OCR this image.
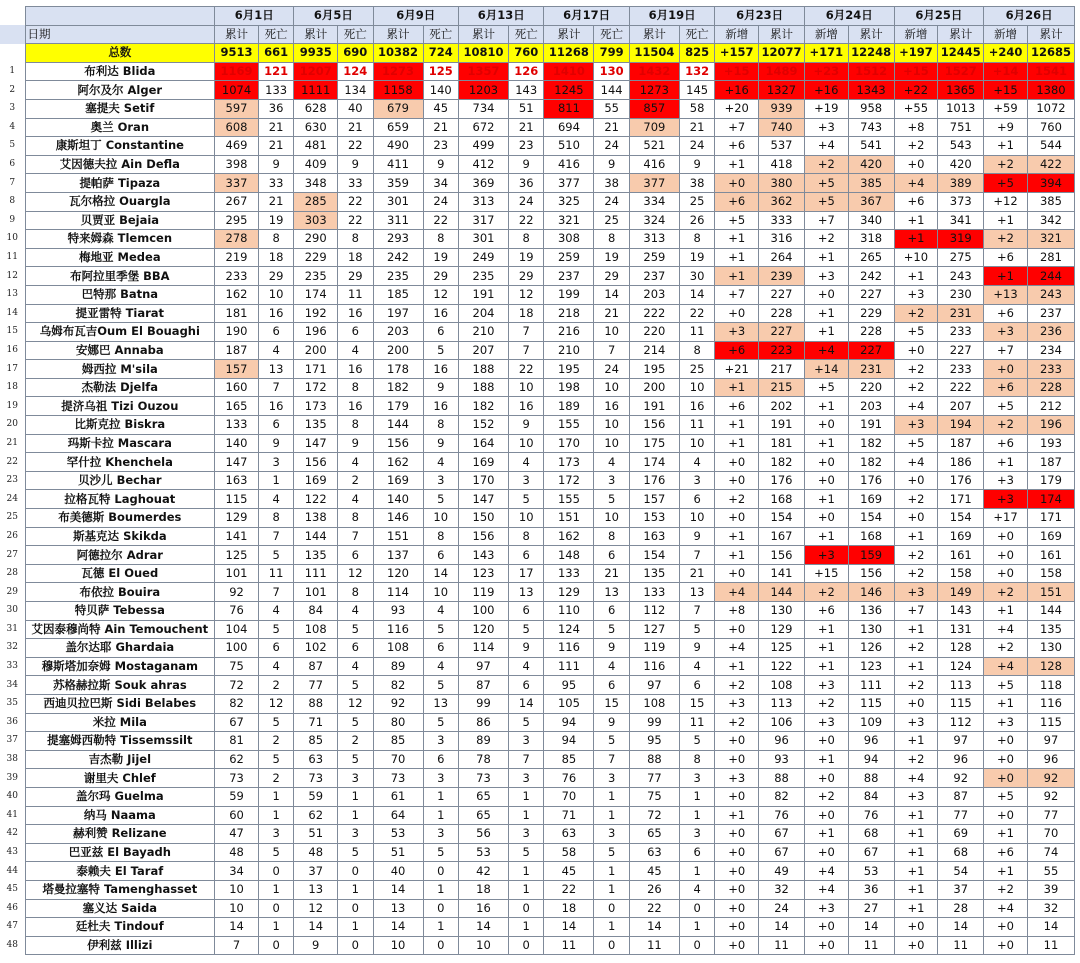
		6月1日		6月5日		6月9日		6月13日		6月17日		6月19日		6月23日		6月24日		6月25日		6月26日	
	日期	累计	死亡	累计	死亡	累计	死亡	累计	死亡	累计	死亡	累计	死亡	新增	累计	新增	累计	新增	累计	新增	累计
	总数	9513	661	9935	690	10382	724	10810	760	11268	799	11504	825	+157	12077	+171	12248	+197	12445	+240	12685
1	布利达 Blida	1169	121	1207	124	1273	125	1357	126	1410	130	1432	132	+15	1489	+23	1512	+15	1527	+14	1541
2	阿尔及尔 Alger	1074	133	1111	134	1158	140	1203	143	1245	144	1273	145	+16	1327	+16	1343	+22	1365	+15	1380
3	塞提夫 Setif	597	36	628	40	679	45	734	51	811	55	857	58	+20	939	+19	958	+55	1013	+59	1072
4	奥兰 Oran	608	21	630	21	659	21	672	21	694	21	709	21	+7	740	+3	743	+8	751	+9	760
5	康斯坦丁 Constantine	469	21	481	22	490	23	499	23	510	24	521	24	+6	537	+4	541	+2	543	+1	544
6	艾因德夫拉 Ain Defla	398	9	409	9	411	9	412	9	416	9	416	9	+1	418	+2	420	+0	420	+2	422
7	提帕萨 Tipaza	337	33	348	33	359	34	369	36	377	38	377	38	+0	380	+5	385	+4	389	+5	394
8	瓦尔格拉 Ouargla	267	21	285	22	301	24	313	24	325	24	334	25	+6	362	+5	367	+6	373	+12	385
9	贝贾亚 Bejaia	295	19	303	22	311	22	317	22	321	25	324	26	+5	333	+7	340	+1	341	+1	342
10	特来姆森 Tlemcen	278	8	290	8	293	8	301	8	308	8	313	8	+1	316	+2	318	+1	319	+2	321
11	梅地亚 Medea	219	18	229	18	242	19	249	19	259	19	259	19	+1	264	+1	265	+10	275	+6	281
12	布阿拉里季堡 BBA	233	29	235	29	235	29	235	29	237	29	237	30	+1	239	+3	242	+1	243	+1	244
13	巴特那 Batna	162	10	174	11	185	12	191	12	199	14	203	14	+7	227	+0	227	+3	230	+13	243
14	提亚雷特 Tiarat	181	16	192	16	197	16	204	18	218	21	222	22	+0	228	+1	229	+2	231	+6	237
15	乌姆布瓦吉Oum El Bouaghi	190	6	196	6	203	6	210	7	216	10	220	11	+3	227	+1	228	+5	233	+3	236
16	安娜巴 Annaba	187	4	200	4	200	5	207	7	210	7	214	8	+6	223	+4	227	+0	227	+7	234
17	姆西拉 M'sila	157	13	171	16	178	16	188	22	195	24	195	25	+21	217	+14	231	+2	233	+0	233
18	杰勒法 Djelfa	160	7	172	8	182	9	188	10	198	10	200	10	+1	215	+5	220	+2	222	+6	228
19	提济乌祖 Tizi Ouzou	165	16	173	16	179	16	182	16	189	16	191	16	+6	202	+1	203	+4	207	+5	212
20	比斯克拉 Biskra	133	6	135	8	144	8	152	9	155	10	156	11	+1	191	+0	191	+3	194	+2	196
21	玛斯卡拉 Mascara	140	9	147	9	156	9	164	10	170	10	175	10	+1	181	+1	182	+5	187	+6	193
22	罕什拉 Khenchela	147	3	156	4	162	4	169	4	173	4	174	4	+0	182	+0	182	+4	186	+1	187
23	贝沙儿 Bechar	163	1	169	2	169	3	170	3	172	3	176	3	+0	176	+0	176	+0	176	+3	179
24	拉格瓦特 Laghouat	115	4	122	4	140	5	147	5	155	5	157	6	+2	168	+1	169	+2	171	+3	174
25	布美德斯 Boumerdes	129	8	138	8	146	10	150	10	151	10	153	10	+0	154	+0	154	+0	154	+17	171
26	斯基克达 Skikda	141	7	144	7	151	8	156	8	162	8	163	9	+1	167	+1	168	+1	169	+0	169
27	阿德拉尔 Adrar	125	5	135	6	137	6	143	6	148	6	154	7	+1	156	+3	159	+2	161	+0	161
28	瓦德 El Oued	101	11	111	12	120	14	123	17	133	21	135	21	+0	141	+15	156	+2	158	+0	158
29	布依拉 Bouira	92	7	101	8	114	10	119	13	129	13	133	13	+4	144	+2	146	+3	149	+2	151
30	特贝萨 Tebessa	76	4	84	4	93	4	100	6	110	6	112	7	+8	130	+6	136	+7	143	+1	144
31	艾因泰穆尚特 Ain Temouchent	104	5	108	5	116	5	120	5	124	5	127	5	+0	129	+1	130	+1	131	+4	135
32	盖尔达耶 Ghardaia	100	6	102	6	108	6	114	9	116	9	119	9	+4	125	+1	126	+2	128	+2	130
33	穆斯塔加奈姆 Mostaganam	75	4	87	4	89	4	97	4	111	4	116	4	+1	122	+1	123	+1	124	+4	128
34	苏格赫拉斯 Souk ahras	72	2	77	5	82	5	87	6	95	6	97	6	+2	108	+3	111	+2	113	+5	118
35	西迪贝拉巴斯 Sidi Belabes	82	12	88	12	92	13	99	14	105	15	108	15	+3	113	+2	115	+0	115	+1	116
36	米拉 Mila	67	5	71	5	80	5	86	5	94	9	99	11	+2	106	+3	109	+3	112	+3	115
37	提塞姆西勒特 Tissemssilt	81	2	85	2	85	3	89	3	94	5	95	5	+0	96	+0	96	+1	97	+0	97
38	吉杰勒 Jijel	62	5	63	5	70	6	78	7	85	7	88	8	+0	93	+1	94	+2	96	+0	96
39	谢里夫 Chlef	73	2	73	3	73	3	73	3	76	3	77	3	+3	88	+0	88	+4	92	+0	92
40	盖尔玛 Guelma	59	1	59	1	61	1	65	1	70	1	75	1	+0	82	+2	84	+3	87	+5	92
41	纳马 Naama	60	1	62	1	64	1	65	1	71	1	72	1	+1	76	+0	76	+1	77	+0	77
42	赫利赞 Relizane	47	3	51	3	53	3	56	3	63	3	65	3	+0	67	+1	68	+1	69	+1	70
43	巴亚兹 El Bayadh	48	5	48	5	51	5	53	5	58	5	63	6	+0	67	+0	67	+1	68	+6	74
44	泰赖夫 El Taraf	34	0	37	0	40	0	42	1	45	1	45	1	+0	49	+4	53	+1	54	+1	55
45	塔曼拉塞特 Tamenghasset	10	1	13	1	14	1	18	1	22	1	26	4	+0	32	+4	36	+1	37	+2	39
46	塞义达 Saida	10	0	12	0	13	0	16	0	18	0	22	0	+0	24	+3	27	+1	28	+4	32
47	廷杜夫 Tindouf	14	1	14	1	14	1	14	1	14	1	14	1	+0	14	+0	14	+0	14	+0	14
48	伊利兹 Illizi	7	0	9	0	10	0	10	0	11	0	11	0	+0	11	+0	11	+0	11	+0	11
